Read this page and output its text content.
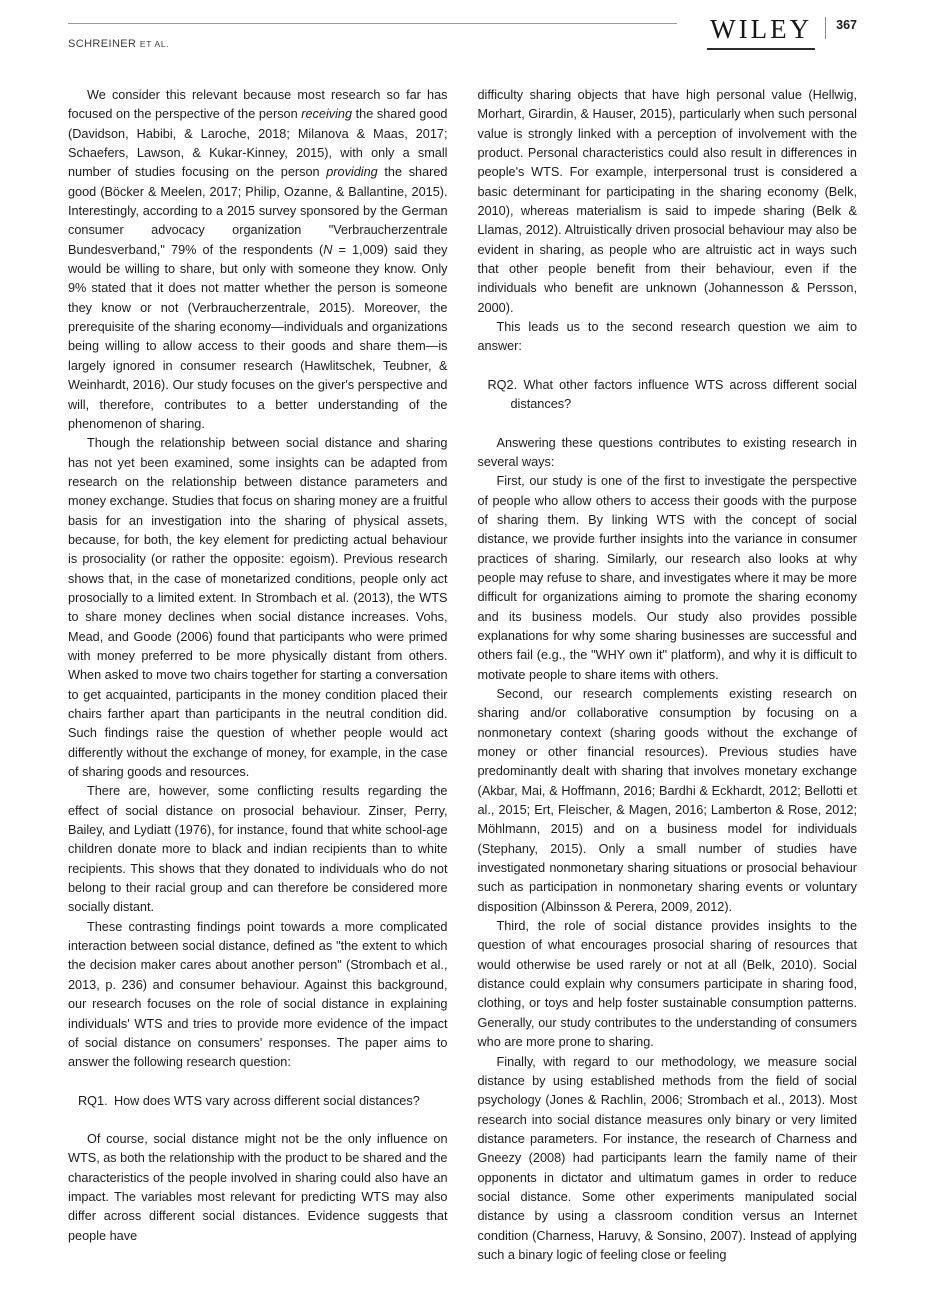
SCHREINER ET AL.	WILEY 367

We consider this relevant because most research so far has focused on the perspective of the person receiving the shared good (Davidson, Habibi, & Laroche, 2018; Milanova & Maas, 2017; Schaefers, Lawson, & Kukar-Kinney, 2015), with only a small number of studies focusing on the person providing the shared good (Böcker & Meelen, 2017; Philip, Ozanne, & Ballantine, 2015). Interestingly, according to a 2015 survey sponsored by the German consumer advocacy organization "Verbraucherzentrale Bundesverband," 79% of the respondents (N = 1,009) said they would be willing to share, but only with someone they know. Only 9% stated that it does not matter whether the person is someone they know or not (Verbraucherzentrale, 2015). Moreover, the prerequisite of the sharing economy—individuals and organizations being willing to allow access to their goods and share them—is largely ignored in consumer research (Hawlitschek, Teubner, & Weinhardt, 2016). Our study focuses on the giver's perspective and will, therefore, contributes to a better understanding of the phenomenon of sharing.

Though the relationship between social distance and sharing has not yet been examined, some insights can be adapted from research on the relationship between distance parameters and money exchange. Studies that focus on sharing money are a fruitful basis for an investigation into the sharing of physical assets, because, for both, the key element for predicting actual behaviour is prosociality (or rather the opposite: egoism). Previous research shows that, in the case of monetarized conditions, people only act prosocially to a limited extent. In Strombach et al. (2013), the WTS to share money declines when social distance increases. Vohs, Mead, and Goode (2006) found that participants who were primed with money preferred to be more physically distant from others. When asked to move two chairs together for starting a conversation to get acquainted, participants in the money condition placed their chairs farther apart than participants in the neutral condition did. Such findings raise the question of whether people would act differently without the exchange of money, for example, in the case of sharing goods and resources.

There are, however, some conflicting results regarding the effect of social distance on prosocial behaviour. Zinser, Perry, Bailey, and Lydiatt (1976), for instance, found that white school-age children donate more to black and indian recipients than to white recipients. This shows that they donated to individuals who do not belong to their racial group and can therefore be considered more socially distant.

These contrasting findings point towards a more complicated interaction between social distance, defined as "the extent to which the decision maker cares about another person" (Strombach et al., 2013, p. 236) and consumer behaviour. Against this background, our research focuses on the role of social distance in explaining individuals' WTS and tries to provide more evidence of the impact of social distance on consumers' responses. The paper aims to answer the following research question:

RQ1. How does WTS vary across different social distances?

Of course, social distance might not be the only influence on WTS, as both the relationship with the product to be shared and the characteristics of the people involved in sharing could also have an impact. The variables most relevant for predicting WTS may also differ across different social distances. Evidence suggests that people have

difficulty sharing objects that have high personal value (Hellwig, Morhart, Girardin, & Hauser, 2015), particularly when such personal value is strongly linked with a perception of involvement with the product. Personal characteristics could also result in differences in people's WTS. For example, interpersonal trust is considered a basic determinant for participating in the sharing economy (Belk, 2010), whereas materialism is said to impede sharing (Belk & Llamas, 2012). Altruistically driven prosocial behaviour may also be evident in sharing, as people who are altruistic act in ways such that other people benefit from their behaviour, even if the individuals who benefit are unknown (Johannesson & Persson, 2000).

This leads us to the second research question we aim to answer:

RQ2. What other factors influence WTS across different social distances?

Answering these questions contributes to existing research in several ways:

First, our study is one of the first to investigate the perspective of people who allow others to access their goods with the purpose of sharing them. By linking WTS with the concept of social distance, we provide further insights into the variance in consumer practices of sharing. Similarly, our research also looks at why people may refuse to share, and investigates where it may be more difficult for organizations aiming to promote the sharing economy and its business models. Our study also provides possible explanations for why some sharing businesses are successful and others fail (e.g., the "WHY own it" platform), and why it is difficult to motivate people to share items with others.

Second, our research complements existing research on sharing and/or collaborative consumption by focusing on a nonmonetary context (sharing goods without the exchange of money or other financial resources). Previous studies have predominantly dealt with sharing that involves monetary exchange (Akbar, Mai, & Hoffmann, 2016; Bardhi & Eckhardt, 2012; Bellotti et al., 2015; Ert, Fleischer, & Magen, 2016; Lamberton & Rose, 2012; Möhlmann, 2015) and on a business model for individuals (Stephany, 2015). Only a small number of studies have investigated nonmonetary sharing situations or prosocial behaviour such as participation in nonmonetary sharing events or voluntary disposition (Albinsson & Perera, 2009, 2012).

Third, the role of social distance provides insights to the question of what encourages prosocial sharing of resources that would otherwise be used rarely or not at all (Belk, 2010). Social distance could explain why consumers participate in sharing food, clothing, or toys and help foster sustainable consumption patterns. Generally, our study contributes to the understanding of consumers who are more prone to sharing.

Finally, with regard to our methodology, we measure social distance by using established methods from the field of social psychology (Jones & Rachlin, 2006; Strombach et al., 2013). Most research into social distance measures only binary or very limited distance parameters. For instance, the research of Charness and Gneezy (2008) had participants learn the family name of their opponents in dictator and ultimatum games in order to reduce social distance. Some other experiments manipulated social distance by using a classroom condition versus an Internet condition (Charness, Haruvy, & Sonsino, 2007). Instead of applying such a binary logic of feeling close or feeling
